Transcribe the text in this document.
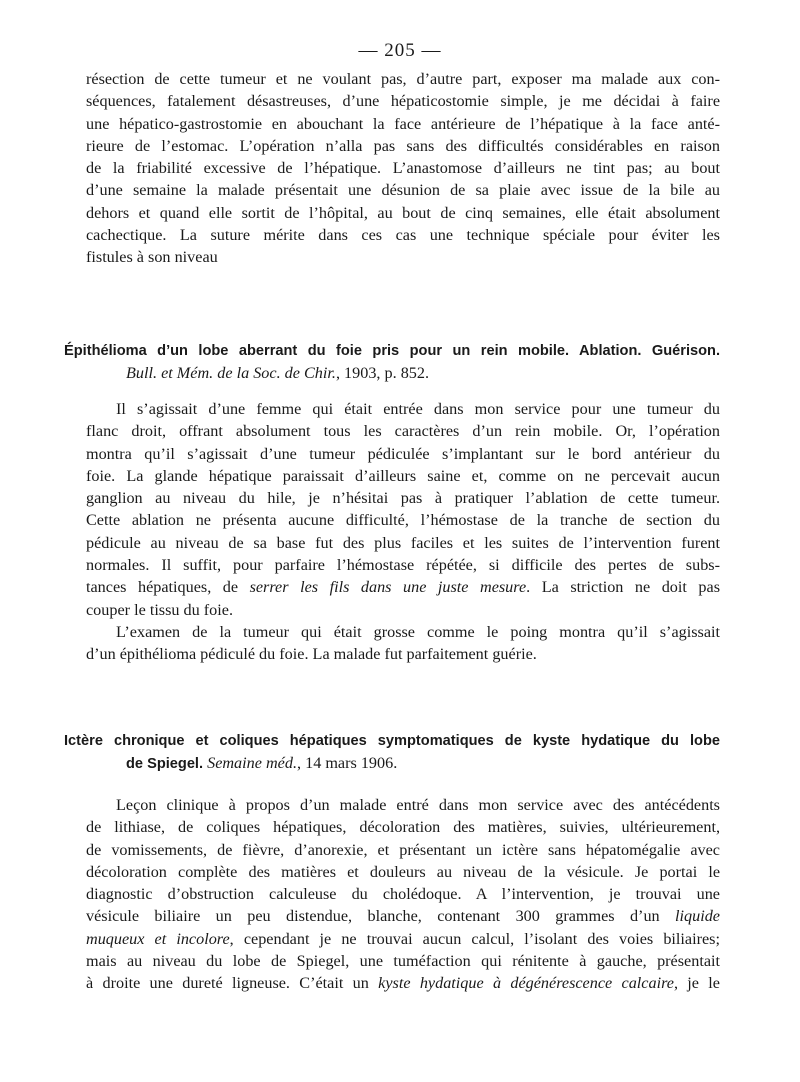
— 205 —
résection de cette tumeur et ne voulant pas, d’autre part, exposer ma malade aux con-
séquences, fatalement désastreuses, d’une hépaticostomie simple, je me décidai à faire
une hépatico-gastrostomie en abouchant la face antérieure de l’hépatique à la face anté-
rieure de l’estomac. L’opération n’alla pas sans des difficultés considérables en raison
de la friabilité excessive de l’hépatique. L’anastomose d’ailleurs ne tint pas; au bout
d’une semaine la malade présentait une désunion de sa plaie avec issue de la bile au
dehors et quand elle sortit de l’hôpital, au bout de cinq semaines, elle était absolument
cachectique. La suture mérite dans ces cas une technique spéciale pour éviter les
fistules à son niveau
Épithélioma d’un lobe aberrant du foie pris pour un rein mobile. Ablation. Guérison.
Bull. et Mém. de la Soc. de Chir., 1903, p. 852.
Il s’agissait d’une femme qui était entrée dans mon service pour une tumeur du
flanc droit, offrant absolument tous les caractères d’un rein mobile. Or, l’opération
montra qu’il s’agissait d’une tumeur pédiculée s’implantant sur le bord antérieur du
foie. La glande hépatique paraissait d’ailleurs saine et, comme on ne percevait aucun
ganglion au niveau du hile, je n’hésitai pas à pratiquer l’ablation de cette tumeur.
Cette ablation ne présenta aucune difficulté, l’hémostase de la tranche de section du
pédicule au niveau de sa base fut des plus faciles et les suites de l’intervention furent
normales. Il suffit, pour parfaire l’hémostase répétée, si difficile des pertes de subs-
tances hépatiques, de serrer les fils dans une juste mesure. La striction ne doit pas
couper le tissu du foie.
L’examen de la tumeur qui était grosse comme le poing montra qu’il s’agissait
d’un épithélioma pédiculé du foie. La malade fut parfaitement guérie.
Ictère chronique et coliques hépatiques symptomatiques de kyste hydatique du lobe
de Spiegel. Semaine méd., 14 mars 1906.
Leçon clinique à propos d’un malade entré dans mon service avec des antécédents
de lithiase, de coliques hépatiques, décoloration des matières, suivies, ultérieurement,
de vomissements, de fièvre, d’anorexie, et présentant un ictère sans hépatomégalie avec
décoloration complète des matières et douleurs au niveau de la vésicule. Je portai le
diagnostic d’obstruction calculeuse du cholédoque. A l’intervention, je trouvai une
vésicule biliaire un peu distendue, blanche, contenant 300 grammes d’un liquide
muqueux et incolore, cependant je ne trouvai aucun calcul, l’isolant des voies biliaires;
mais au niveau du lobe de Spiegel, une tuméfaction qui rénitente à gauche, présentait
à droite une dureté ligneuse. C’était un kyste hydatique à dégénérescence calcaire, je le
